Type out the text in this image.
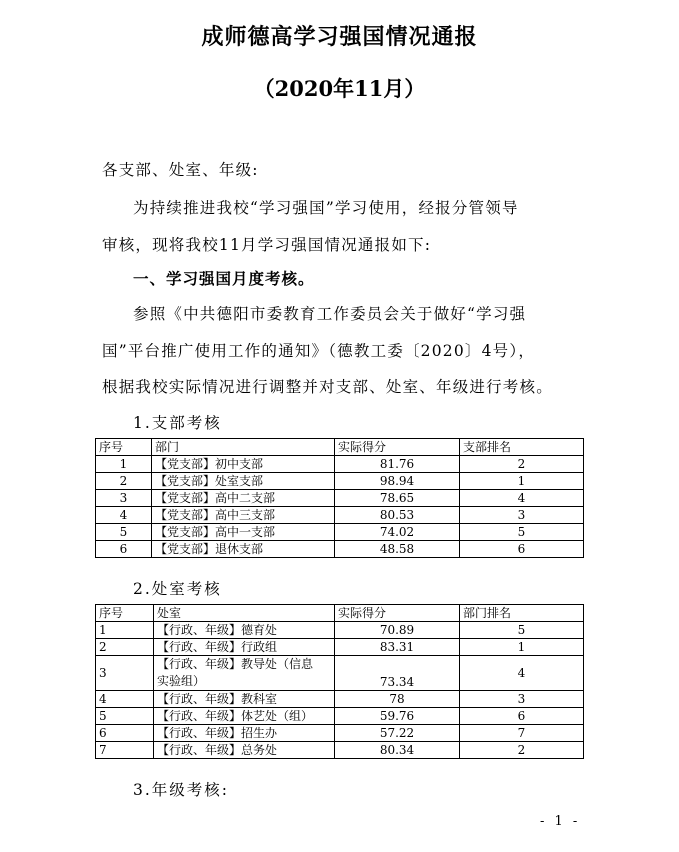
成师德高学习强国情况通报
（2020年11月）
各支部、处室、年级:
为持续推进我校“学习强国”学习使用，经报分管领导
审核，现将我校11月学习强国情况通报如下:
一、学习强国月度考核。
参照《中共德阳市委教育工作委员会关于做好“学习强
国”平台推广使用工作的通知》（德教工委〔2020〕4号），
根据我校实际情况进行调整并对支部、处室、年级进行考核。
1.支部考核
序号	部门	实际得分	支部排名
1	【党支部】初中支部	81.76	2
2	【党支部】处室支部	98.94	1
3	【党支部】高中二支部	78.65	4
4	【党支部】高中三支部	80.53	3
5	【党支部】高中一支部	74.02	5
6	【党支部】退休支部	48.58	6
2.处室考核
序号	处室	实际得分	部门排名
1	【行政、年级】德育处	70.89	5
2	【行政、年级】行政组	83.31	1
3	【行政、年级】教导处（信息
实验组）	73.34	4
4	【行政、年级】教科室	78	3
5	【行政、年级】体艺处（组）	59.76	6
6	【行政、年级】招生办	57.22	7
7	【行政、年级】总务处	80.34	2
3.年级考核:
- 1 -
